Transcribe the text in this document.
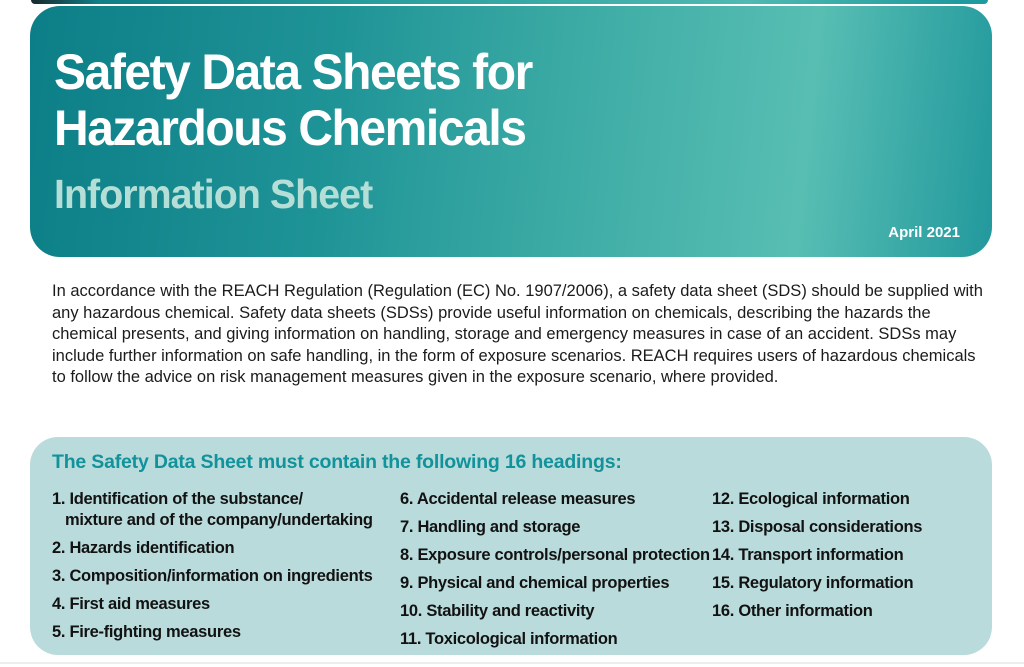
Safety Data Sheets for
Hazardous Chemicals
Information Sheet
April 2021

In accordance with the REACH Regulation (Regulation (EC) No. 1907/2006), a safety data sheet (SDS) should be supplied with any hazardous chemical. Safety data sheets (SDSs) provide useful information on chemicals, describing the hazards the chemical presents, and giving information on handling, storage and emergency measures in case of an accident. SDSs may include further information on safe handling, in the form of exposure scenarios. REACH requires users of hazardous chemicals to follow the advice on risk management measures given in the exposure scenario, where provided.

The Safety Data Sheet must contain the following 16 headings:
1. Identification of the substance/
mixture and of the company/undertaking
2. Hazards identification
3. Composition/information on ingredients
4. First aid measures
5. Fire-fighting measures
6. Accidental release measures
7. Handling and storage
8. Exposure controls/personal protection
9. Physical and chemical properties
10. Stability and reactivity
11. Toxicological information
12. Ecological information
13. Disposal considerations
14. Transport information
15. Regulatory information
16. Other information
